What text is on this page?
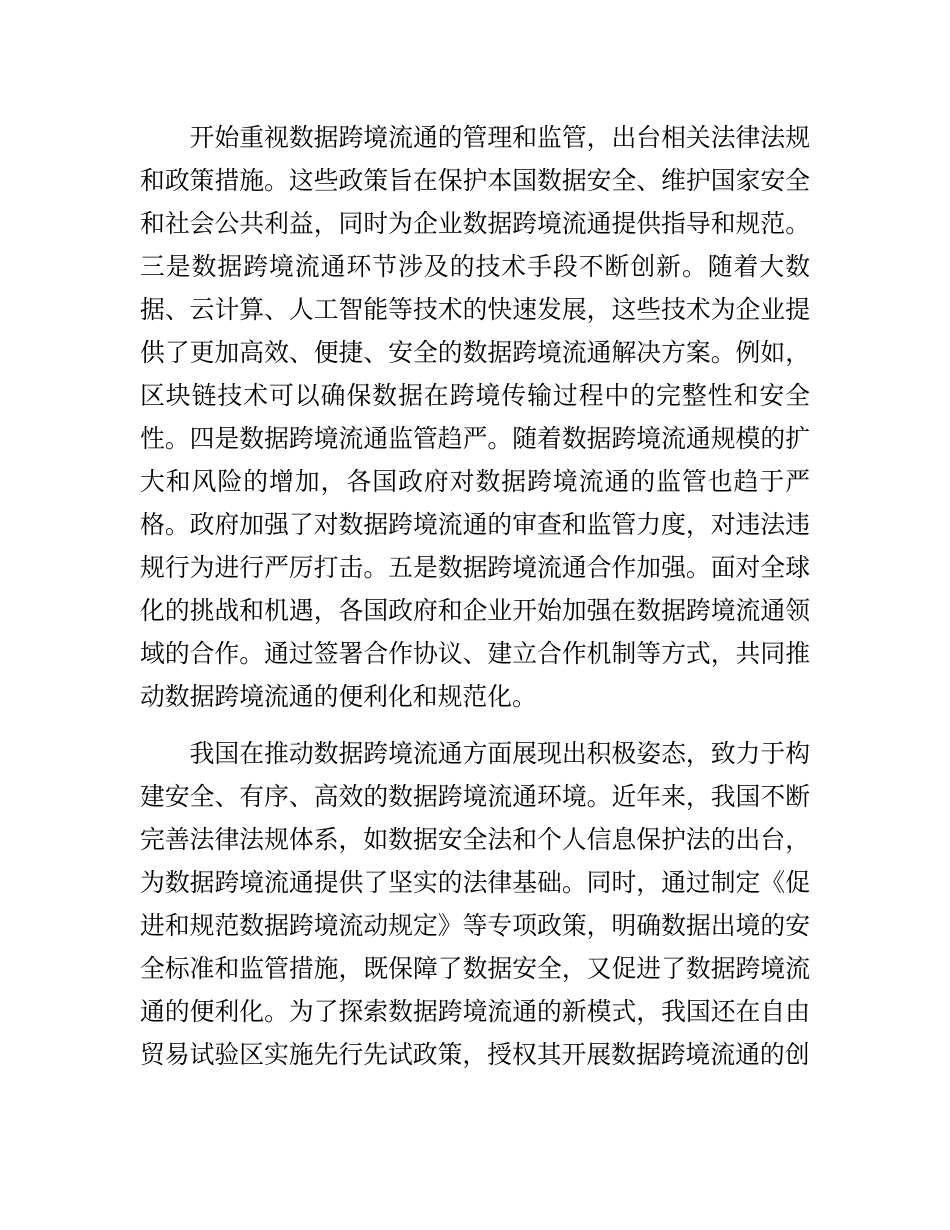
开始重视数据跨境流通的管理和监管，出台相关法律法规和政策措施。这些政策旨在保护本国数据安全、维护国家安全和社会公共利益，同时为企业数据跨境流通提供指导和规范。三是数据跨境流通环节涉及的技术手段不断创新。随着大数据、云计算、人工智能等技术的快速发展，这些技术为企业提供了更加高效、便捷、安全的数据跨境流通解决方案。例如，区块链技术可以确保数据在跨境传输过程中的完整性和安全性。四是数据跨境流通监管趋严。随着数据跨境流通规模的扩大和风险的增加，各国政府对数据跨境流通的监管也趋于严格。政府加强了对数据跨境流通的审查和监管力度，对违法违规行为进行严厉打击。五是数据跨境流通合作加强。面对全球化的挑战和机遇，各国政府和企业开始加强在数据跨境流通领域的合作。通过签署合作协议、建立合作机制等方式，共同推动数据跨境流通的便利化和规范化。

我国在推动数据跨境流通方面展现出积极姿态，致力于构建安全、有序、高效的数据跨境流通环境。近年来，我国不断完善法律法规体系，如数据安全法和个人信息保护法的出台，为数据跨境流通提供了坚实的法律基础。同时，通过制定《促进和规范数据跨境流动规定》等专项政策，明确数据出境的安全标准和监管措施，既保障了数据安全，又促进了数据跨境流通的便利化。为了探索数据跨境流通的新模式，我国还在自由贸易试验区实施先行先试政策，授权其开展数据跨境流通的创
